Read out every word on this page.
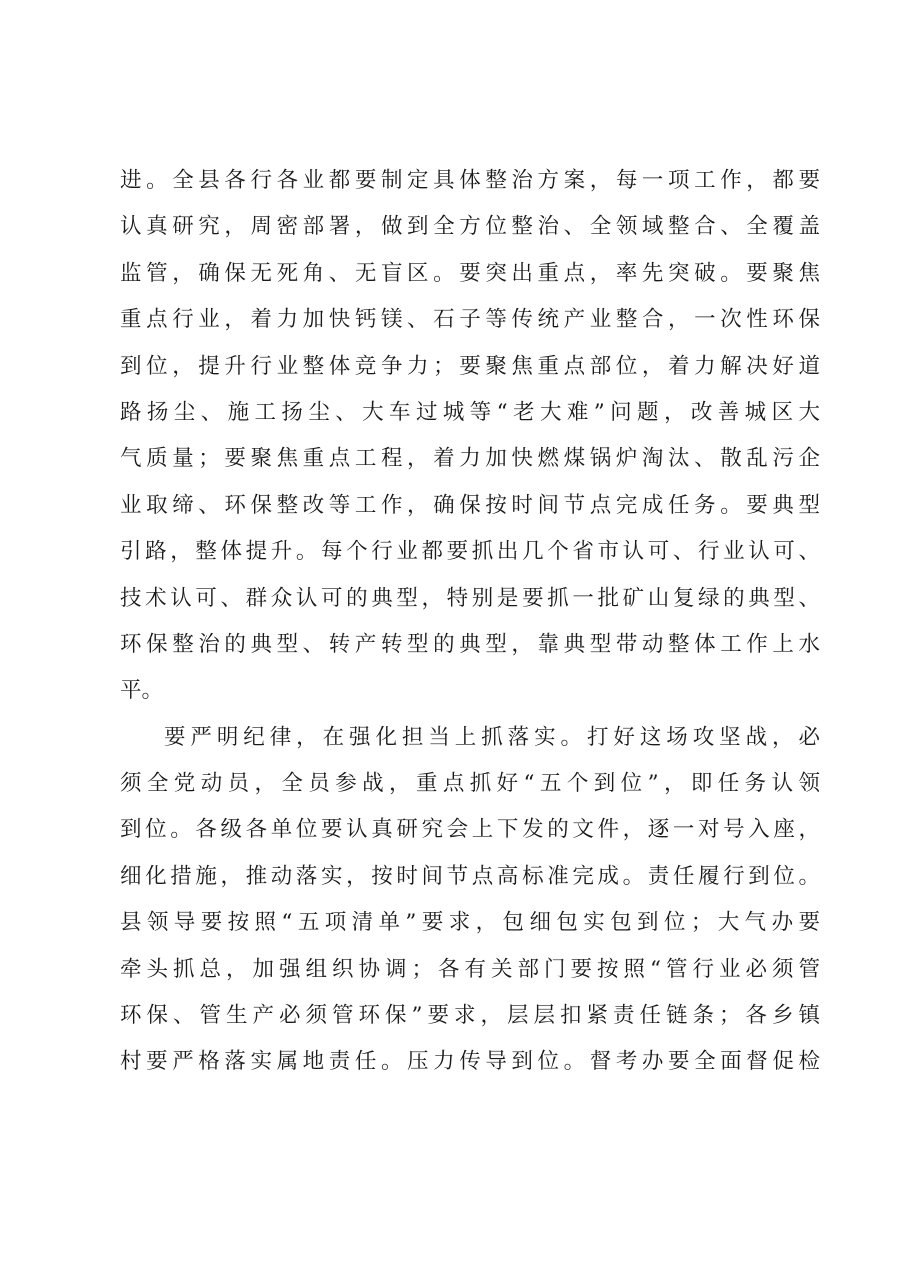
进。全县各行各业都要制定具体整治方案，每一项工作，都要
认真研究，周密部署，做到全方位整治、全领域整合、全覆盖
监管，确保无死角、无盲区。要突出重点，率先突破。要聚焦
重点行业，着力加快钙镁、石子等传统产业整合，一次性环保
到位，提升行业整体竞争力；要聚焦重点部位，着力解决好道
路扬尘、施工扬尘、大车过城等“老大难”问题，改善城区大
气质量；要聚焦重点工程，着力加快燃煤锅炉淘汰、散乱污企
业取缔、环保整改等工作，确保按时间节点完成任务。要典型
引路，整体提升。每个行业都要抓出几个省市认可、行业认可、
技术认可、群众认可的典型，特别是要抓一批矿山复绿的典型、
环保整治的典型、转产转型的典型，靠典型带动整体工作上水
平。
要严明纪律，在强化担当上抓落实。打好这场攻坚战，必
须全党动员，全员参战，重点抓好“五个到位”，即任务认领
到位。各级各单位要认真研究会上下发的文件，逐一对号入座，
细化措施，推动落实，按时间节点高标准完成。责任履行到位。
县领导要按照“五项清单”要求，包细包实包到位；大气办要
牵头抓总，加强组织协调；各有关部门要按照“管行业必须管
环保、管生产必须管环保”要求，层层扣紧责任链条；各乡镇
村要严格落实属地责任。压力传导到位。督考办要全面督促检
